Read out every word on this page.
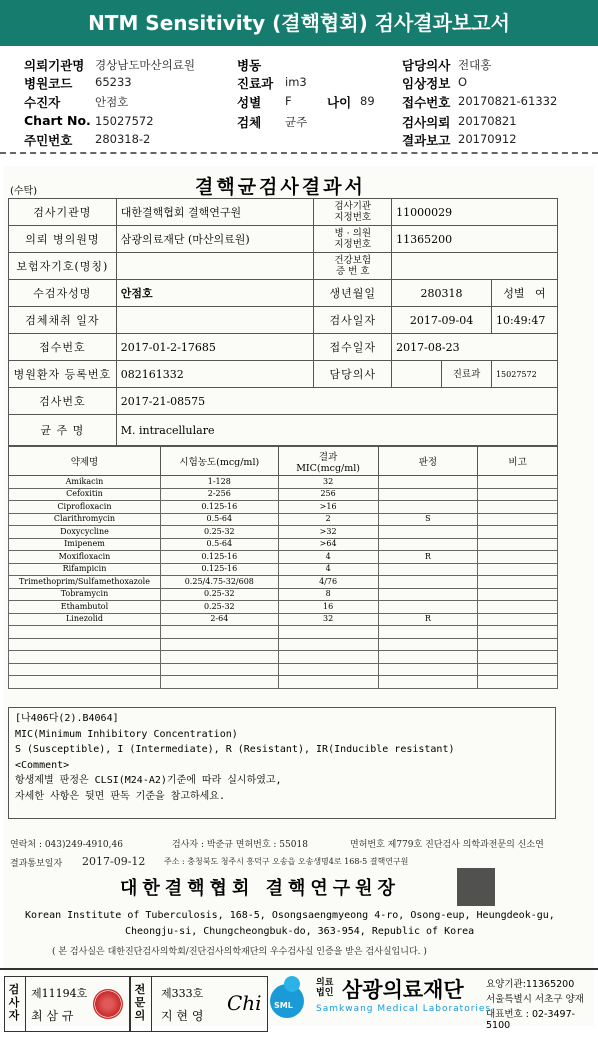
NTM Sensitivity (결핵협회) 검사결과보고서
의뢰기관명 경상남도마산의료원
병원코드 65233
수진자	안점호
Chart No. 15027572
주민번호 280318-2
병동
진료과 im3
성별 F	나이 89
검체 균주
담당의사 전대홍
임상정보 O
접수번호 20170821-61332
검사의뢰 20170821
결과보고 20170912
(수탁)	결핵균검사결과서
검사기관명	대한결핵협회 결핵연구원	검사기관
지정번호	11000029		
의뢰 병의원명	삼광의료재단 (마산의료원)	병 · 의원
지정번호	11365200		
보험자기호(명칭)		건강보험
증 번 호			
수검자성명	안점호	생년월일	280318		성별 여
검체채취 일자		검사일자	2017-09-04		10:49:47
접수번호	2017-01-2-17685	접수일자	2017-08-23		
병원환자 등록번호	082161332	담당의사		진료과	15027572
검사번호	2017-21-08575				
균 주 명	M. intracellulare				
약제명	시험농도(mcg/ml)	결과
MIC(mcg/ml)	판정	비고
Amikacin	1-128	32		
Cefoxitin	2-256	256		
Ciprofloxacin	0.125-16	>16		
Clarithromycin	0.5-64	2	S	
Doxycycline	0.25-32	>32		
Imipenem	0.5-64	>64		
Moxifloxacin	0.125-16	4	R	
Rifampicin	0.125-16	4		
Trimethoprim/Sulfamethoxazole	0.25/4.75-32/608	4/76		
Tobramycin	0.25-32	8		
Ethambutol	0.25-32	16		
Linezolid	2-64	32	R	

[나406다(2).B4064]
MIC(Minimum Inhibitory Concentration)
S (Susceptible), I (Intermediate), R (Resistant), IR(Inducible resistant)
<Comment>
항생제별 판정은 CLSI(M24-A2)기준에 따라 실시하였고,
자세한 사항은 뒷면 판독 기준을 참고하세요.
연락처 : 043)249-4910,46	검사자 : 박준규 면허번호 : 55018	면허번호 제779호 진단검사 의학과전문의 신소연
결과통보일자 2017-09-12 주소 : 충청북도 청주시 흥덕구 오송읍 오송생명4로 168-5 결핵연구원
대한결핵협회 결핵연구원장
Korean Institute of Tuberculosis, 168-5, Osongsaengmyeong 4-ro, Osong-eup, Heungdeok-gu,
Cheongju-si, Chungcheongbuk-do, 363-954, Republic of Korea
( 본 검사실은 대한진단검사의학회/진단검사의학재단의 우수검사실 인증을 받은 검사실입니다. )
검사자
제11194호
최 삼 규
전문의
제333호
지 현 영
Chi SML
의료
법인 삼광의료재단
Samkwang Medical Laboratories
요양기관:11365200
서울특별시 서초구 양재
대표번호 : 02-3497-5100
